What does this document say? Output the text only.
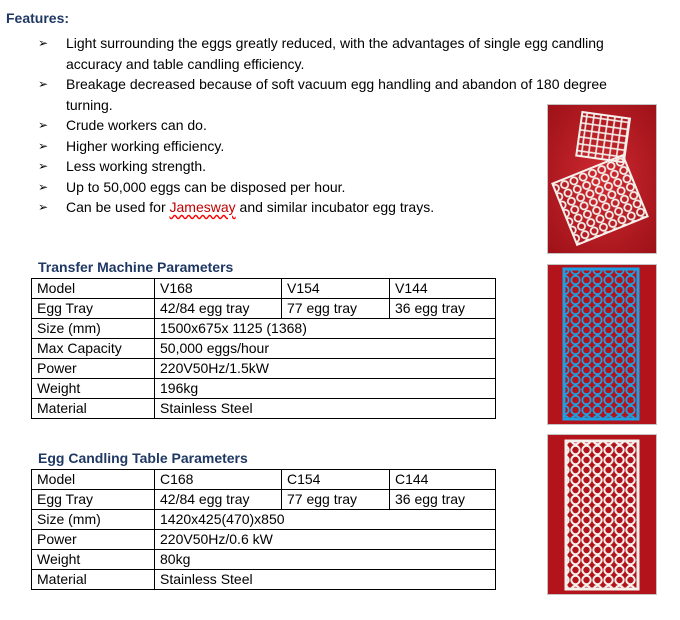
Features:
➢ Light surrounding the eggs greatly reduced, with the advantages of single egg candling accuracy and table candling efficiency.
➢ Breakage decreased because of soft vacuum egg handling and abandon of 180 degree turning.
➢ Crude workers can do.
➢ Higher working efficiency.
➢ Less working strength.
➢ Up to 50,000 eggs can be disposed per hour.
➢ Can be used for Jamesway and similar incubator egg trays.
Transfer Machine Parameters
Model	V168	V154	V144
Egg Tray	42/84 egg tray	77 egg tray	36 egg tray
Size (mm)	1500x675x 1125 (1368)		
Max Capacity	50,000 eggs/hour		
Power	220V50Hz/1.5kW		
Weight	196kg		
Material	Stainless Steel		
Egg Candling Table Parameters
Model	C168	C154	C144
Egg Tray	42/84 egg tray	77 egg tray	36 egg tray
Size (mm)	1420x425(470)x850		
Power	220V50Hz/0.6 kW		
Weight	80kg		
Material	Stainless Steel		
